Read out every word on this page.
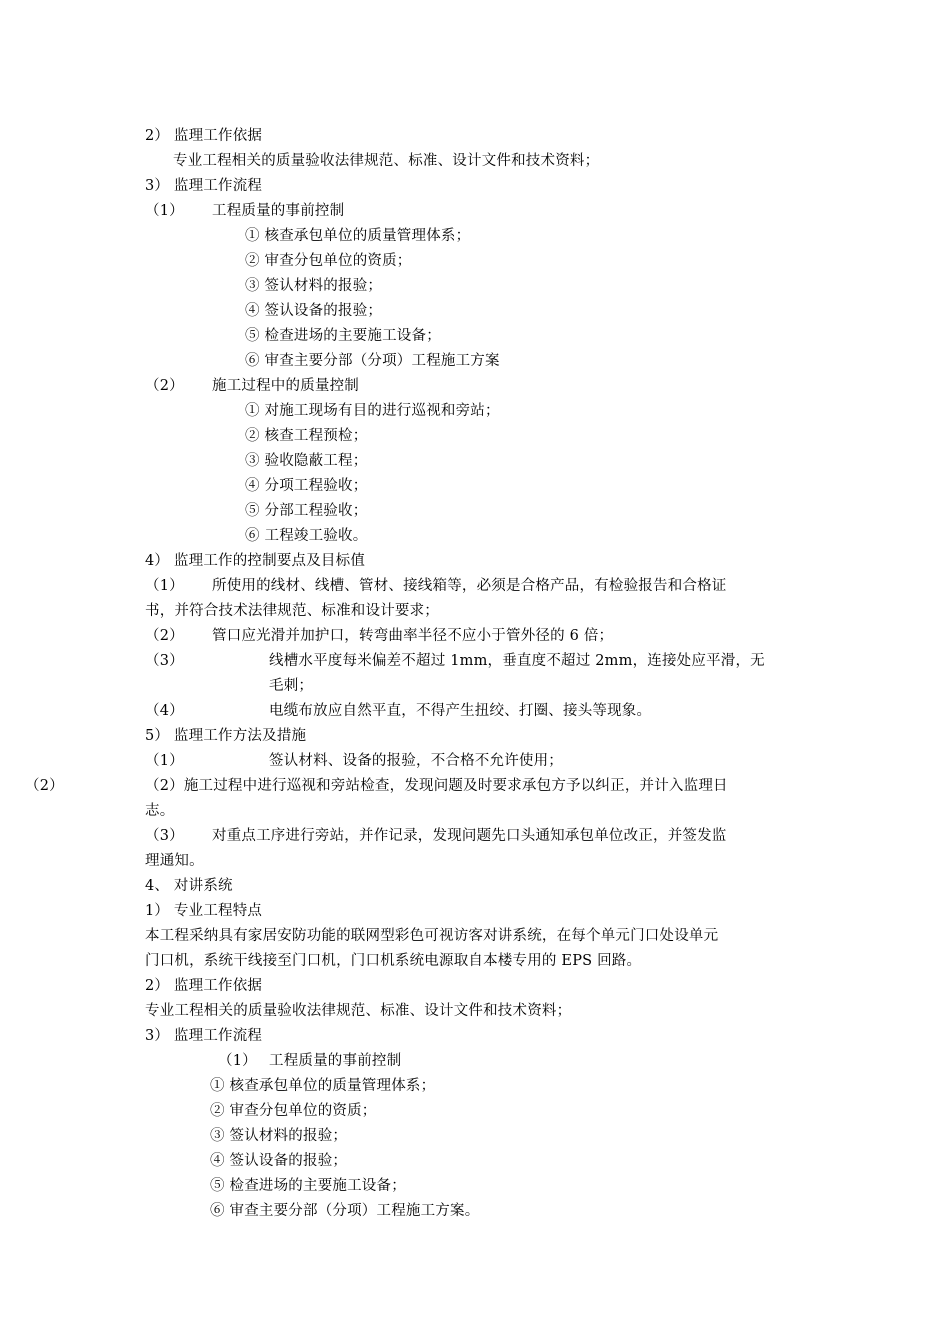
2） 监理工作依据
专业工程相关的质量验收法律规范、标准、设计文件和技术资料；
3） 监理工作流程
（1） 工程质量的事前控制
① 核查承包单位的质量管理体系；
② 审查分包单位的资质；
③ 签认材料的报验；
④ 签认设备的报验；
⑤ 检查进场的主要施工设备；
⑥ 审查主要分部（分项）工程施工方案
（2） 施工过程中的质量控制
① 对施工现场有目的进行巡视和旁站；
② 核查工程预检；
③ 验收隐蔽工程；
④ 分项工程验收；
⑤ 分部工程验收；
⑥ 工程竣工验收。
4） 监理工作的控制要点及目标值
（1） 所使用的线材、线槽、管材、接线箱等，必须是合格产品，有检验报告和合格证
书，并符合技术法律规范、标准和设计要求；
（2） 管口应光滑并加护口，转弯曲率半径不应小于管外径的 6 倍；
（3）	线槽水平度每米偏差不超过 1mm，垂直度不超过 2mm，连接处应平滑，无
毛刺；
（4）	电缆布放应自然平直，不得产生扭绞、打圈、接头等现象。
5） 监理工作方法及措施
（1）	签认材料、设备的报验，不合格不允许使用；
（2）	（2）施工过程中进行巡视和旁站检查，发现问题及时要求承包方予以纠正，并计入监理日
志。
（3） 对重点工序进行旁站，并作记录，发现问题先口头通知承包单位改正，并签发监
理通知。
4、 对讲系统
1） 专业工程特点
本工程采纳具有家居安防功能的联网型彩色可视访客对讲系统，在每个单元门口处设单元
门口机，系统干线接至门口机，门口机系统电源取自本楼专用的 EPS 回路。
2） 监理工作依据
专业工程相关的质量验收法律规范、标准、设计文件和技术资料；
3） 监理工作流程
（1） 工程质量的事前控制
① 核查承包单位的质量管理体系；
② 审查分包单位的资质；
③ 签认材料的报验；
④ 签认设备的报验；
⑤ 检查进场的主要施工设备；
⑥ 审查主要分部（分项）工程施工方案。
